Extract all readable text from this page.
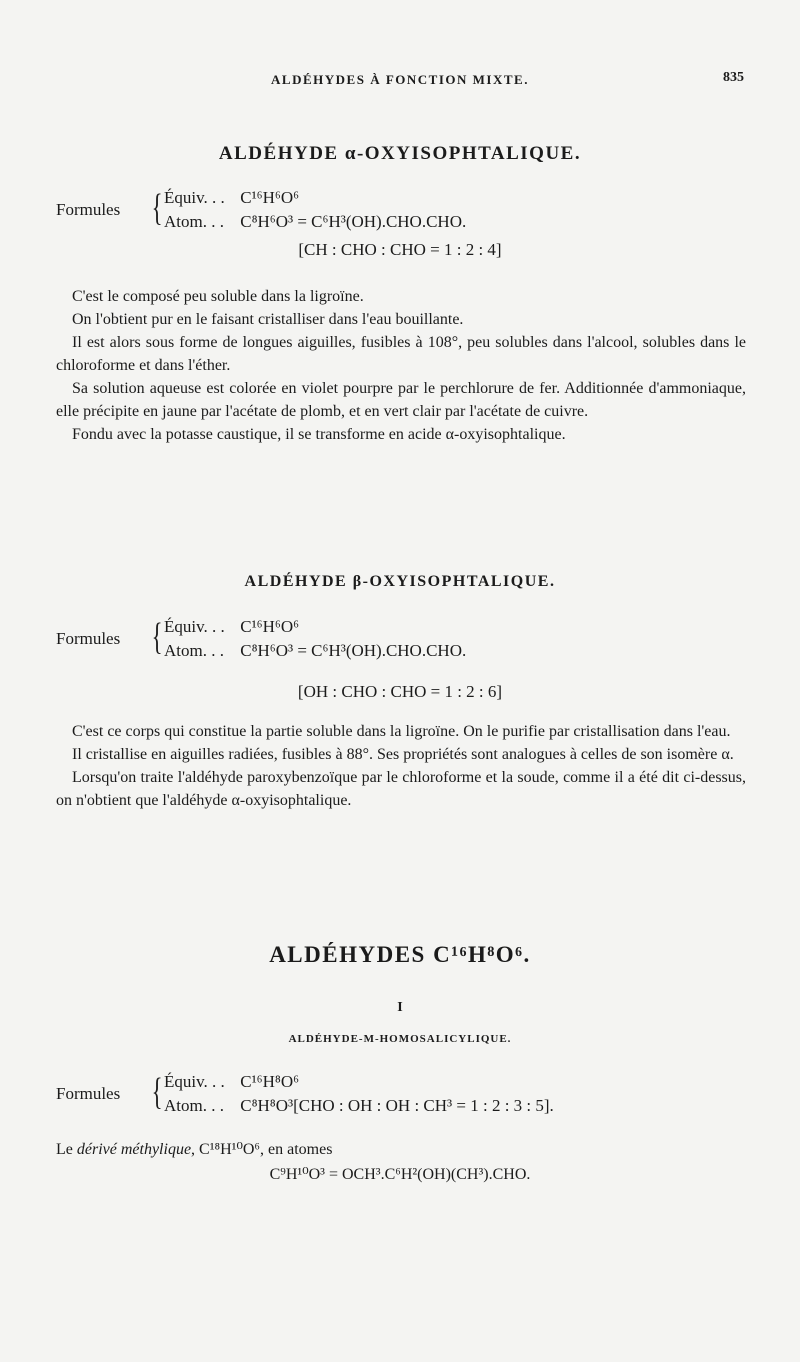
ALDÉHYDES À FONCTION MIXTE.	835
ALDÉHYDE α-OXYISOPHTALIQUE.
Formules { Équiv. . . C¹⁶H⁶O⁶
Atom. . . C⁸H⁶O³ = C⁶H³(OH).CHO.CHO.
[CH : CHO : CHO = 1 : 2 : 4]

C'est le composé peu soluble dans la ligroïne.

On l'obtient pur en le faisant cristalliser dans l'eau bouillante.

Il est alors sous forme de longues aiguilles, fusibles à 108°, peu solubles dans l'alcool, solubles dans le chloroforme et dans l'éther.

Sa solution aqueuse est colorée en violet pourpre par le perchlorure de fer. Additionnée d'ammoniaque, elle précipite en jaune par l'acétate de plomb, et en vert clair par l'acétate de cuivre.

Fondu avec la potasse caustique, il se transforme en acide α-oxyisophtalique.

ALDÉHYDE β-OXYISOPHTALIQUE.
Formules { Équiv. . . C¹⁶H⁶O⁶
Atom. . . C⁸H⁶O³ = C⁶H³(OH).CHO.CHO.
[OH : CHO : CHO = 1 : 2 : 6]

C'est ce corps qui constitue la partie soluble dans la ligroïne. On le purifie par cristallisation dans l'eau.

Il cristallise en aiguilles radiées, fusibles à 88°. Ses propriétés sont analogues à celles de son isomère α.

Lorsqu'on traite l'aldéhyde paroxybenzoïque par le chloroforme et la soude, comme il a été dit ci-dessus, on n'obtient que l'aldéhyde α-oxyisophtalique.

ALDÉHYDES C¹⁶H⁸O⁶.
I
ALDÉHYDE-M-HOMOSALICYLIQUE.
Formules { Équiv. . . C¹⁶H⁸O⁶
Atom. . . C⁸H⁸O³[CHO : OH : OH : CH³ = 1 : 2 : 3 : 5].
Le dérivé méthylique, C¹⁸H¹⁰O⁶, en atomes
C⁹H¹⁰O³ = OCH³.C⁶H²(OH)(CH³).CHO.
